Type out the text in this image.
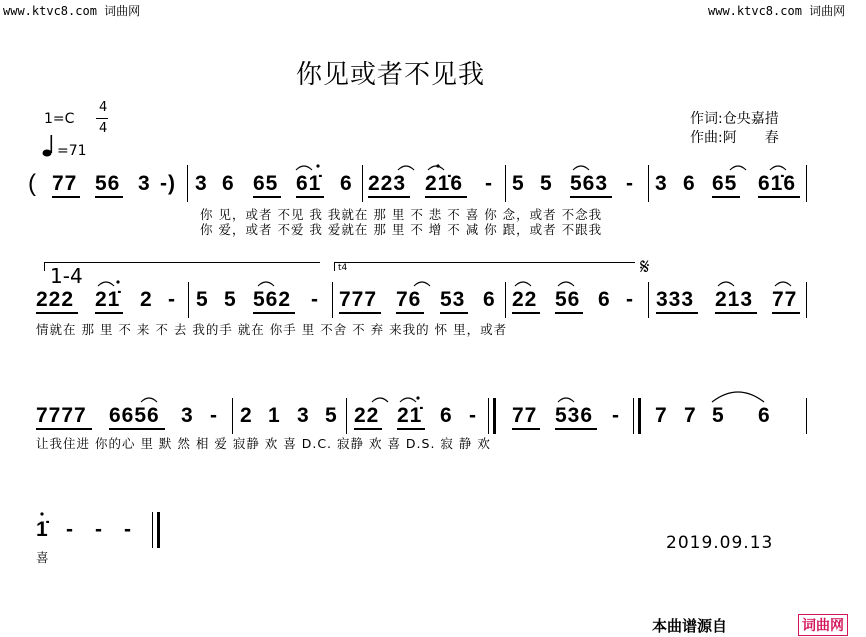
www.ktvc8.com 词曲网	www.ktvc8.com 词曲网
你见或者不见我
1=C
4
4
=71
作词:仓央嘉措
作曲:阿　　春
( 77 56 3 -) 3 6 65 61̇ 6 223 21̇6 - 5 5 563 - 3 6 65 61̇6
你 见，或者 不见 我 我就在 那 里 不 悲 不 喜 你 念，或者 不念我
你 爱，或者 不爱 我 爱就在 那 里 不 增 不 减 你 跟，或者 不跟我
1-4	t4	𝄋
222 21̇ 2 - 5 5 562 - 777 76 53 6 22 56 6 - 333 213 77
情就在 那 里 不 来 不 去 我的手 就在 你手 里 不舍 不 弃 来我的 怀 里，或者
7777 6656 3 - 2 1 3 5 22 21̇ 6 - 77 536 - 7 7 5 6
让我住进 你的心 里 默 然 相 爱 寂静 欢 喜 D.C. 寂静 欢 喜 D.S. 寂 静 欢
1̇ - - -
喜
2019.09.13
本曲谱源自	词曲网
